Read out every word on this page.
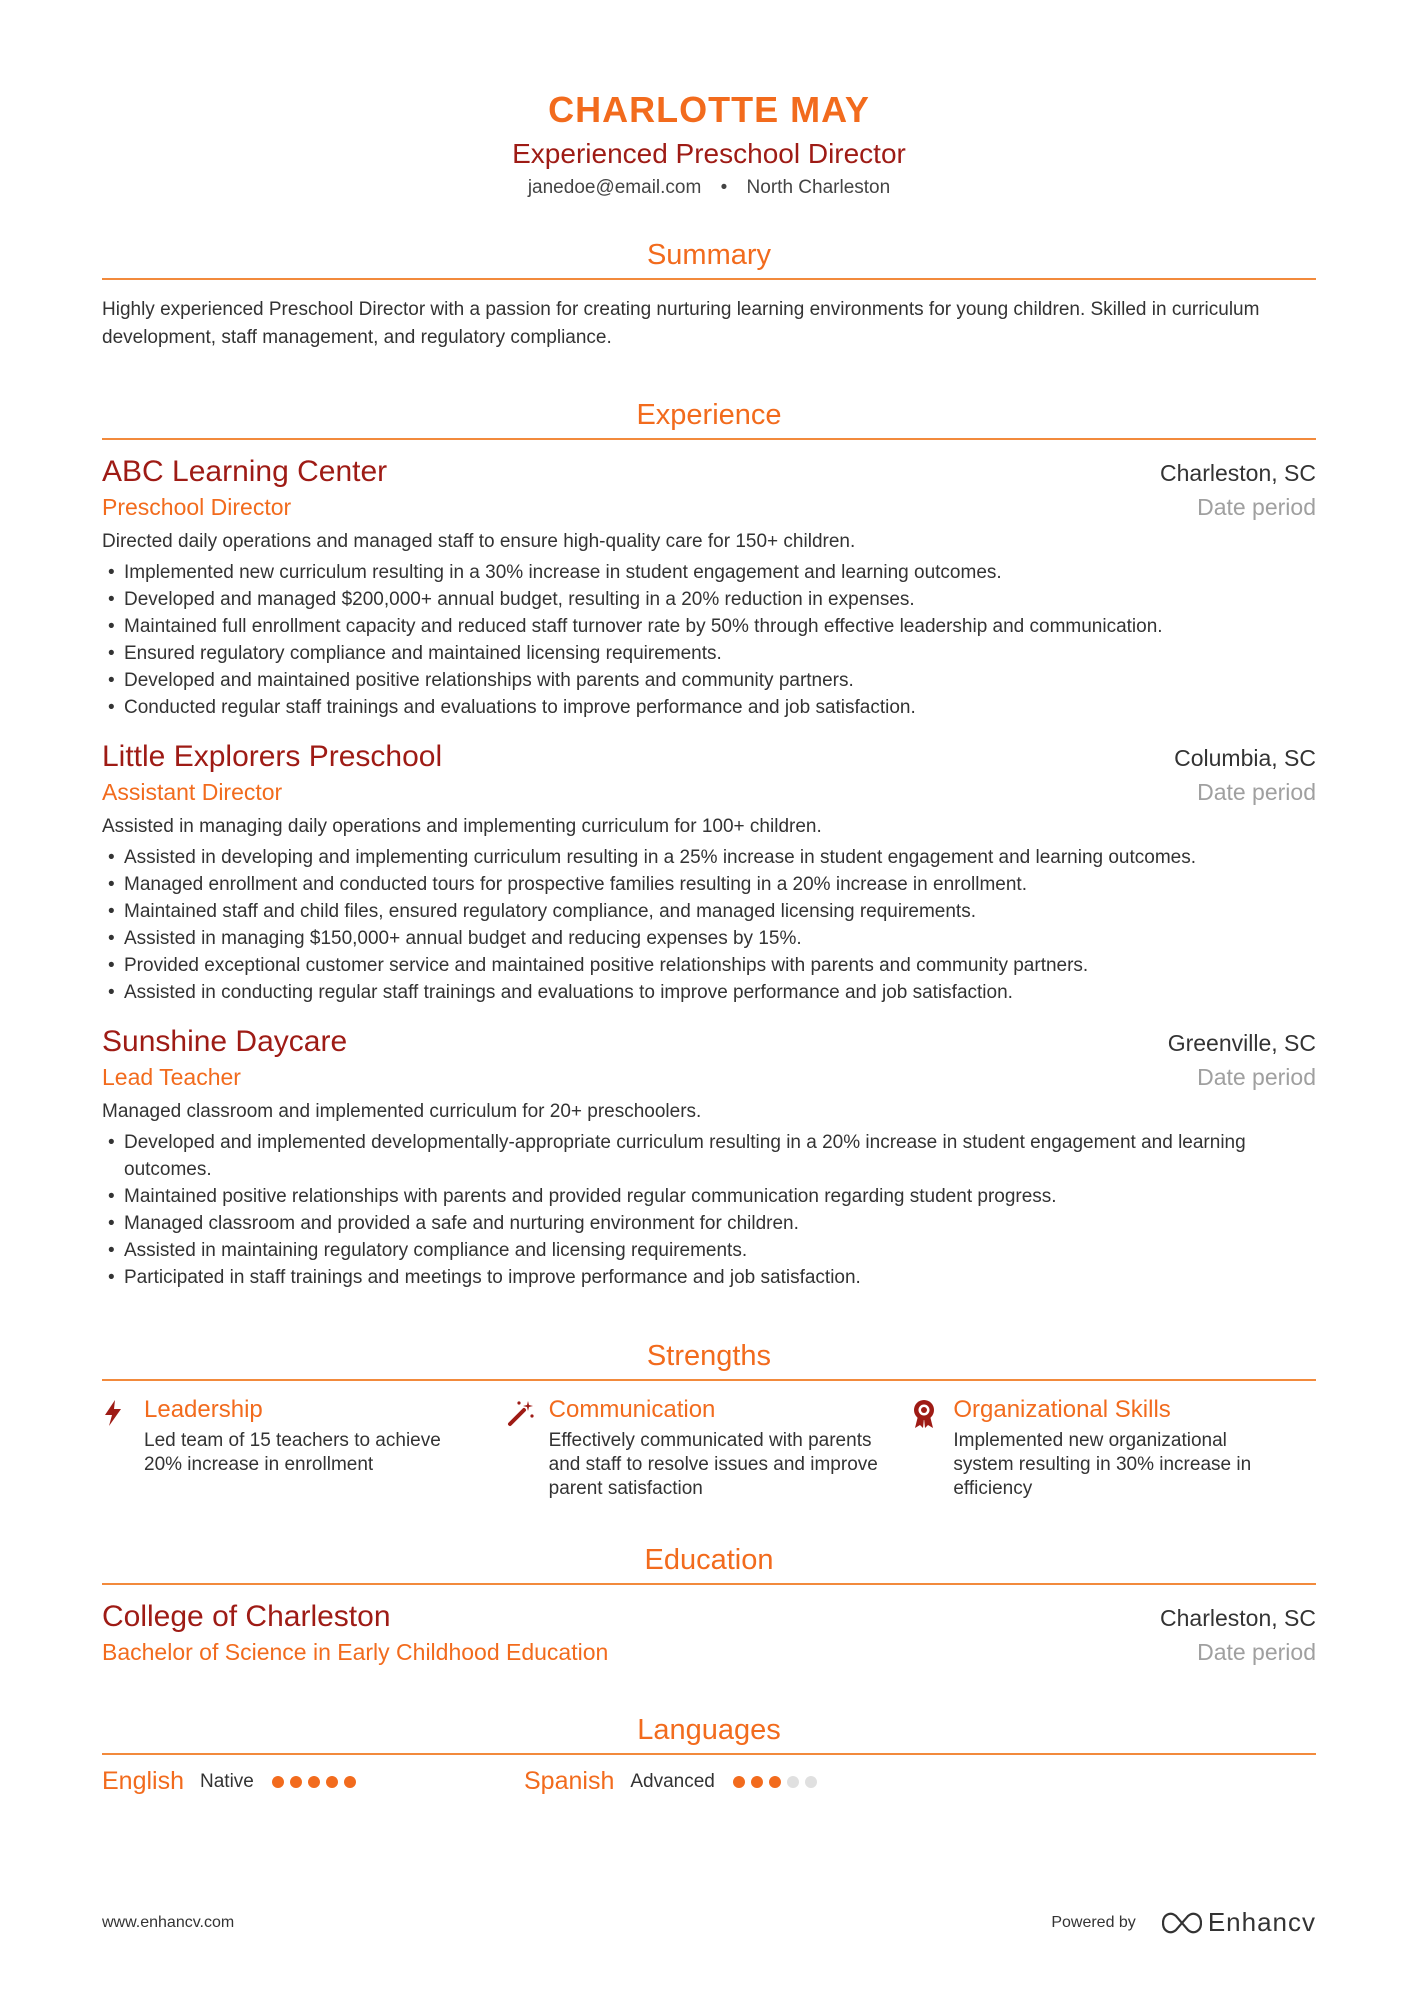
CHARLOTTE MAY
Experienced Preschool Director
janedoe@email.com • North Charleston
Summary
Highly experienced Preschool Director with a passion for creating nurturing learning environments for young children. Skilled in curriculum development, staff management, and regulatory compliance.
Experience
ABC Learning Center	Charleston, SC
Preschool Director	Date period
Directed daily operations and managed staff to ensure high-quality care for 150+ children.
• Implemented new curriculum resulting in a 30% increase in student engagement and learning outcomes.
• Developed and managed $200,000+ annual budget, resulting in a 20% reduction in expenses.
• Maintained full enrollment capacity and reduced staff turnover rate by 50% through effective leadership and communication.
• Ensured regulatory compliance and maintained licensing requirements.
• Developed and maintained positive relationships with parents and community partners.
• Conducted regular staff trainings and evaluations to improve performance and job satisfaction.
Little Explorers Preschool	Columbia, SC
Assistant Director	Date period
Assisted in managing daily operations and implementing curriculum for 100+ children.
• Assisted in developing and implementing curriculum resulting in a 25% increase in student engagement and learning outcomes.
• Managed enrollment and conducted tours for prospective families resulting in a 20% increase in enrollment.
• Maintained staff and child files, ensured regulatory compliance, and managed licensing requirements.
• Assisted in managing $150,000+ annual budget and reducing expenses by 15%.
• Provided exceptional customer service and maintained positive relationships with parents and community partners.
• Assisted in conducting regular staff trainings and evaluations to improve performance and job satisfaction.
Sunshine Daycare	Greenville, SC
Lead Teacher	Date period
Managed classroom and implemented curriculum for 20+ preschoolers.
• Developed and implemented developmentally-appropriate curriculum resulting in a 20% increase in student engagement and learning outcomes.
• Maintained positive relationships with parents and provided regular communication regarding student progress.
• Managed classroom and provided a safe and nurturing environment for children.
• Assisted in maintaining regulatory compliance and licensing requirements.
• Participated in staff trainings and meetings to improve performance and job satisfaction.
Strengths
Leadership
Led team of 15 teachers to achieve 20% increase in enrollment
Communication
Effectively communicated with parents and staff to resolve issues and improve parent satisfaction
Organizational Skills
Implemented new organizational system resulting in 30% increase in efficiency
Education
College of Charleston	Charleston, SC
Bachelor of Science in Early Childhood Education	Date period
Languages
English Native	Spanish Advanced
www.enhancv.com	Powered by	Enhancv
